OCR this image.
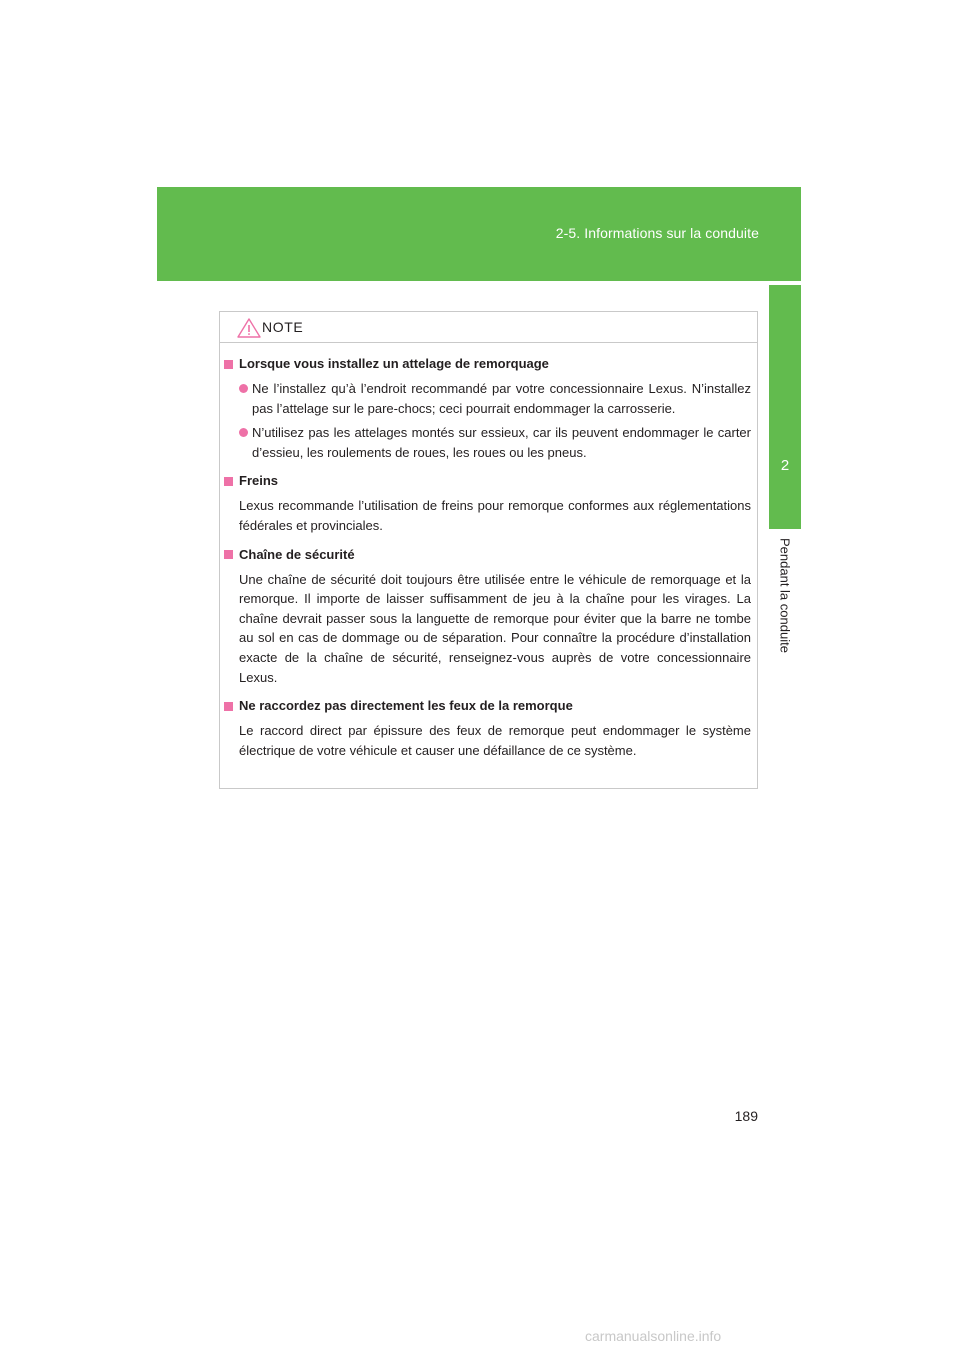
2-5. Informations sur la conduite
2
Pendant la conduite
NOTE
Lorsque vous installez un attelage de remorquage
Ne l’installez qu’à l’endroit recommandé par votre concessionnaire Lexus. N’installez pas l’attelage sur le pare-chocs; ceci pourrait endommager la carrosserie.
N’utilisez pas les attelages montés sur essieux, car ils peuvent endommager le carter d’essieu, les roulements de roues, les roues ou les pneus.
Freins
Lexus recommande l’utilisation de freins pour remorque conformes aux réglementations fédérales et provinciales.
Chaîne de sécurité
Une chaîne de sécurité doit toujours être utilisée entre le véhicule de remorquage et la remorque. Il importe de laisser suffisamment de jeu à la chaîne pour les virages. La chaîne devrait passer sous la languette de remorque pour éviter que la barre ne tombe au sol en cas de dommage ou de séparation. Pour connaître la procédure d’installation exacte de la chaîne de sécurité, renseignez-vous auprès de votre concessionnaire Lexus.
Ne raccordez pas directement les feux de la remorque
Le raccord direct par épissure des feux de remorque peut endommager le système électrique de votre véhicule et causer une défaillance de ce système.
189
carmanualsonline.info
